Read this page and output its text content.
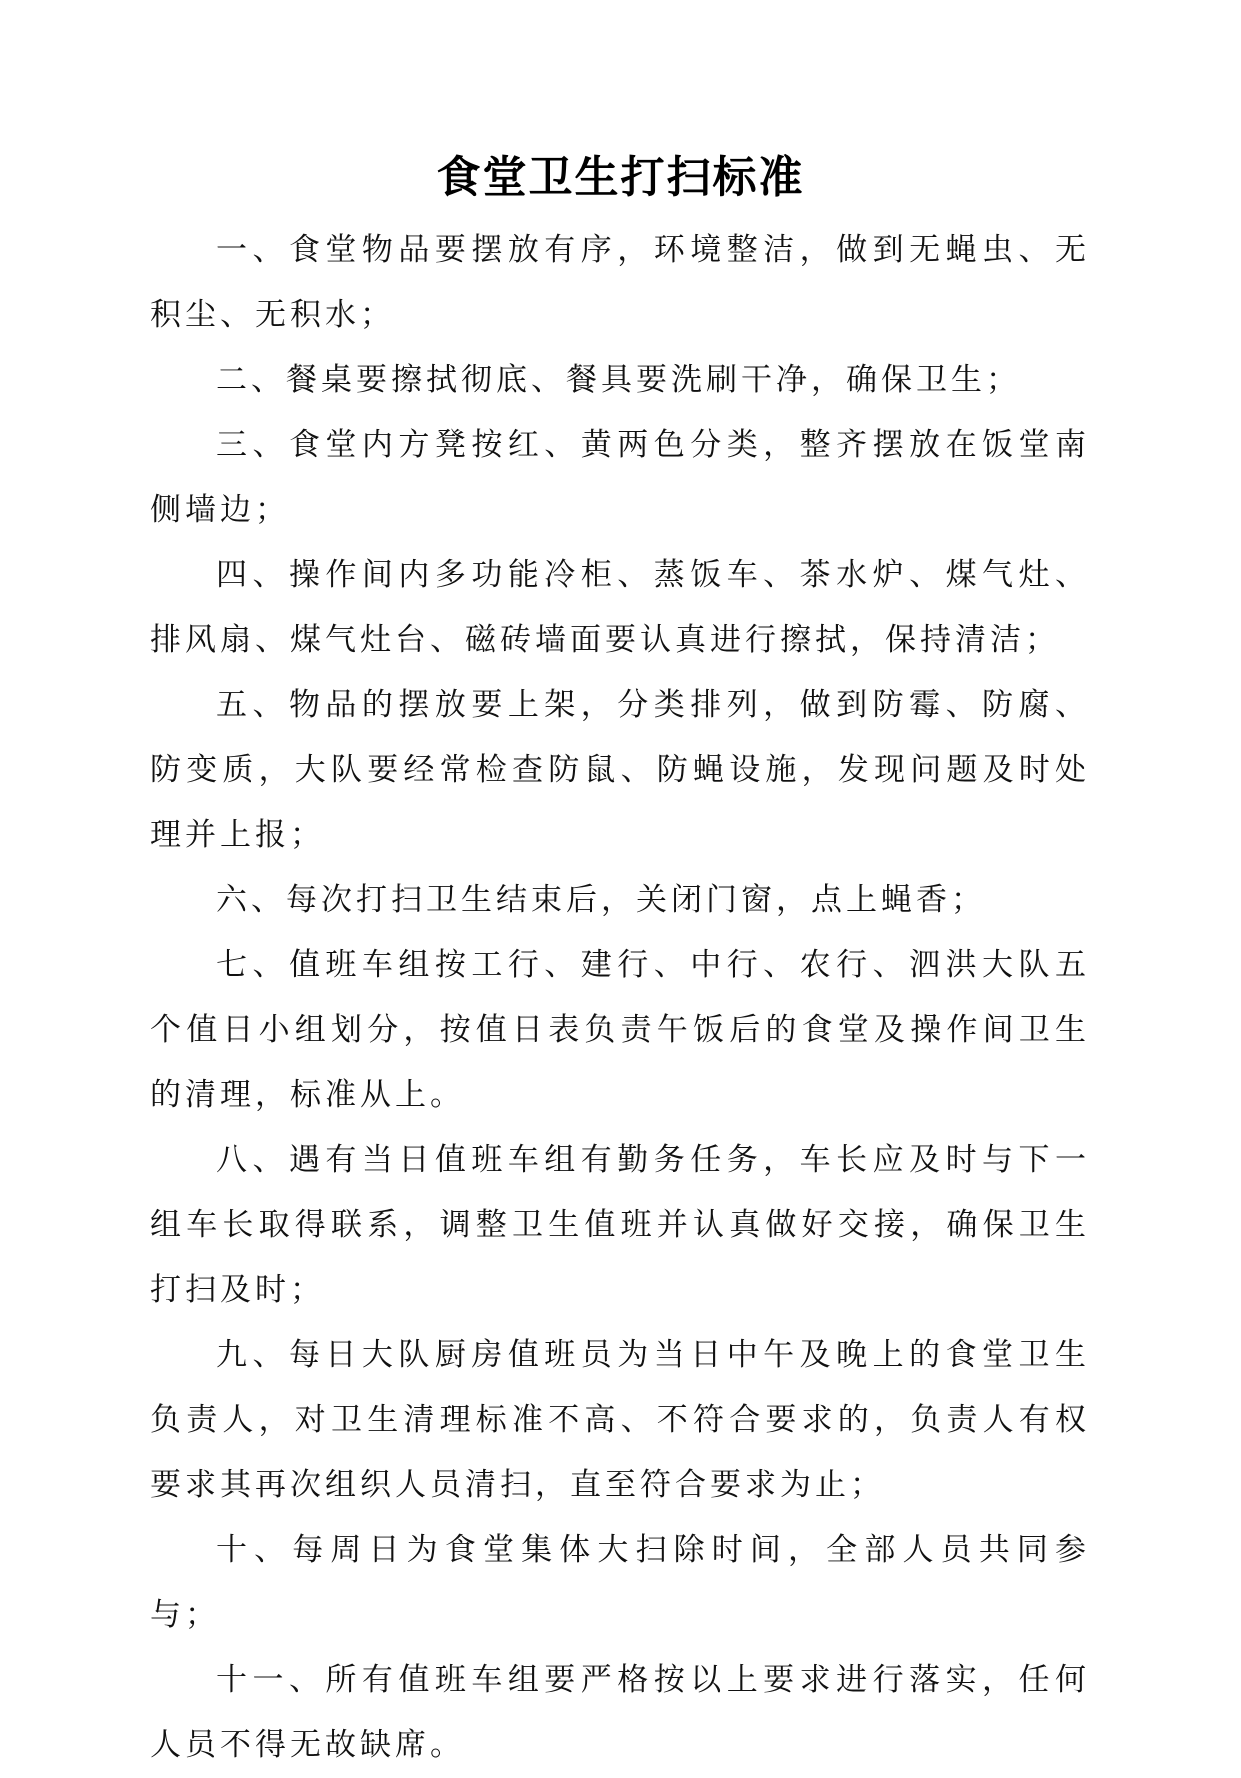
食堂卫生打扫标准

一、食堂物品要摆放有序，环境整洁，做到无蝇虫、无积尘、无积水；

二、餐桌要擦拭彻底、餐具要洗刷干净，确保卫生；

三、食堂内方凳按红、黄两色分类，整齐摆放在饭堂南侧墙边；

四、操作间内多功能冷柜、蒸饭车、茶水炉、煤气灶、排风扇、煤气灶台、磁砖墙面要认真进行擦拭，保持清洁；

五、物品的摆放要上架，分类排列，做到防霉、防腐、防变质，大队要经常检查防鼠、防蝇设施，发现问题及时处理并上报；

六、每次打扫卫生结束后，关闭门窗，点上蝇香；

七、值班车组按工行、建行、中行、农行、泗洪大队五个值日小组划分，按值日表负责午饭后的食堂及操作间卫生的清理，标准从上。

八、遇有当日值班车组有勤务任务，车长应及时与下一组车长取得联系，调整卫生值班并认真做好交接，确保卫生打扫及时；

九、每日大队厨房值班员为当日中午及晚上的食堂卫生负责人，对卫生清理标准不高、不符合要求的，负责人有权要求其再次组织人员清扫，直至符合要求为止；

十、每周日为食堂集体大扫除时间，全部人员共同参与；

十一、所有值班车组要严格按以上要求进行落实，任何人员不得无故缺席。
